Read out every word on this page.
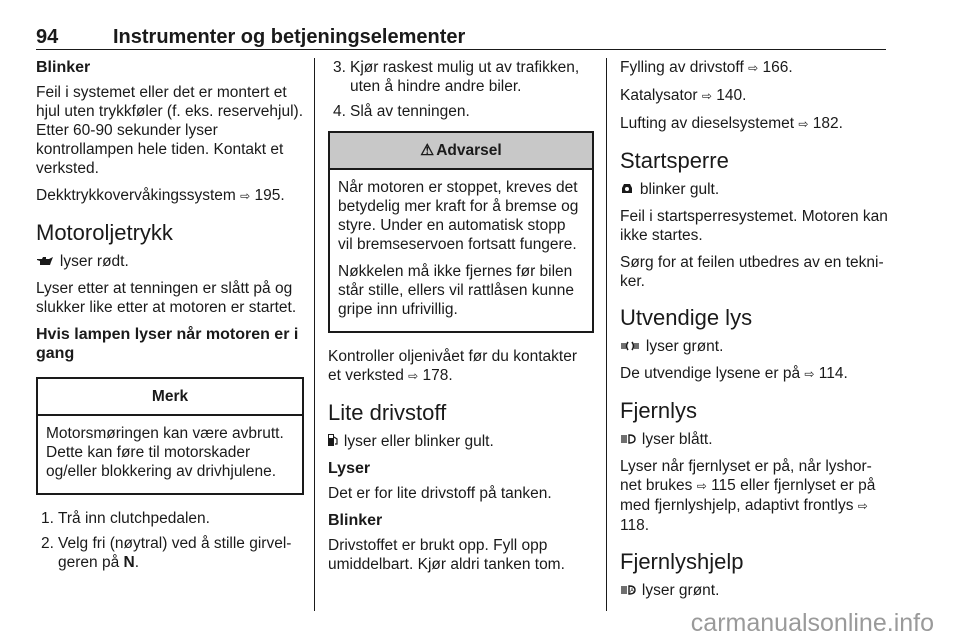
94	Instrumenter og betjeningselementer
Blinker

Feil i systemet eller det er montert et hjul uten trykkføler (f. eks. reservehjul). Etter 60-90 sekunder lyser kontrollampen hele tiden. Kontakt et verksted.

Dekktrykkovervåkingssystem ⇨ 195.

Motoroljetrykk

lyser rødt.

Lyser etter at tenningen er slått på og slukker like etter at motoren er startet.

Hvis lampen lyser når motoren er i gang
Merk

Motorsmøringen kan være avbrutt. Dette kan føre til motorskader og/eller blokkering av drivhjulene.

1. Trå inn clutchpedalen.
2. Velg fri (nøytral) ved å stille girvelgeren på N.
3. Kjør raskest mulig ut av trafikken, uten å hindre andre biler.
4. Slå av tenningen.
⚠ Advarsel

Når motoren er stoppet, kreves det betydelig mer kraft for å bremse og styre. Under en automatisk stopp vil bremseservoen fortsatt fungere.

Nøkkelen må ikke fjernes før bilen står stille, ellers vil rattlåsen kunne gripe inn ufrivillig.

Kontroller oljenivået før du kontakter et verksted ⇨ 178.

Lite drivstoff

lyser eller blinker gult.

Lyser

Det er for lite drivstoff på tanken.

Blinker

Drivstoffet er brukt opp. Fyll opp umiddelbart. Kjør aldri tanken tom.

Fylling av drivstoff ⇨ 166.

Katalysator ⇨ 140.

Lufting av dieselsystemet ⇨ 182.

Startsperre

blinker gult.

Feil i startsperresystemet. Motoren kan ikke startes.

Sørg for at feilen utbedres av en tekniker.

Utvendige lys

lyser grønt.

De utvendige lysene er på ⇨ 114.

Fjernlys

lyser blått.

Lyser når fjernlyset er på, når lyshornet brukes ⇨ 115 eller fjernlyset er på med fjernlyshjelp, adaptivt frontlys ⇨ 118.

Fjernlyshjelp

A lyser grønt.

carmanualsonline.info
